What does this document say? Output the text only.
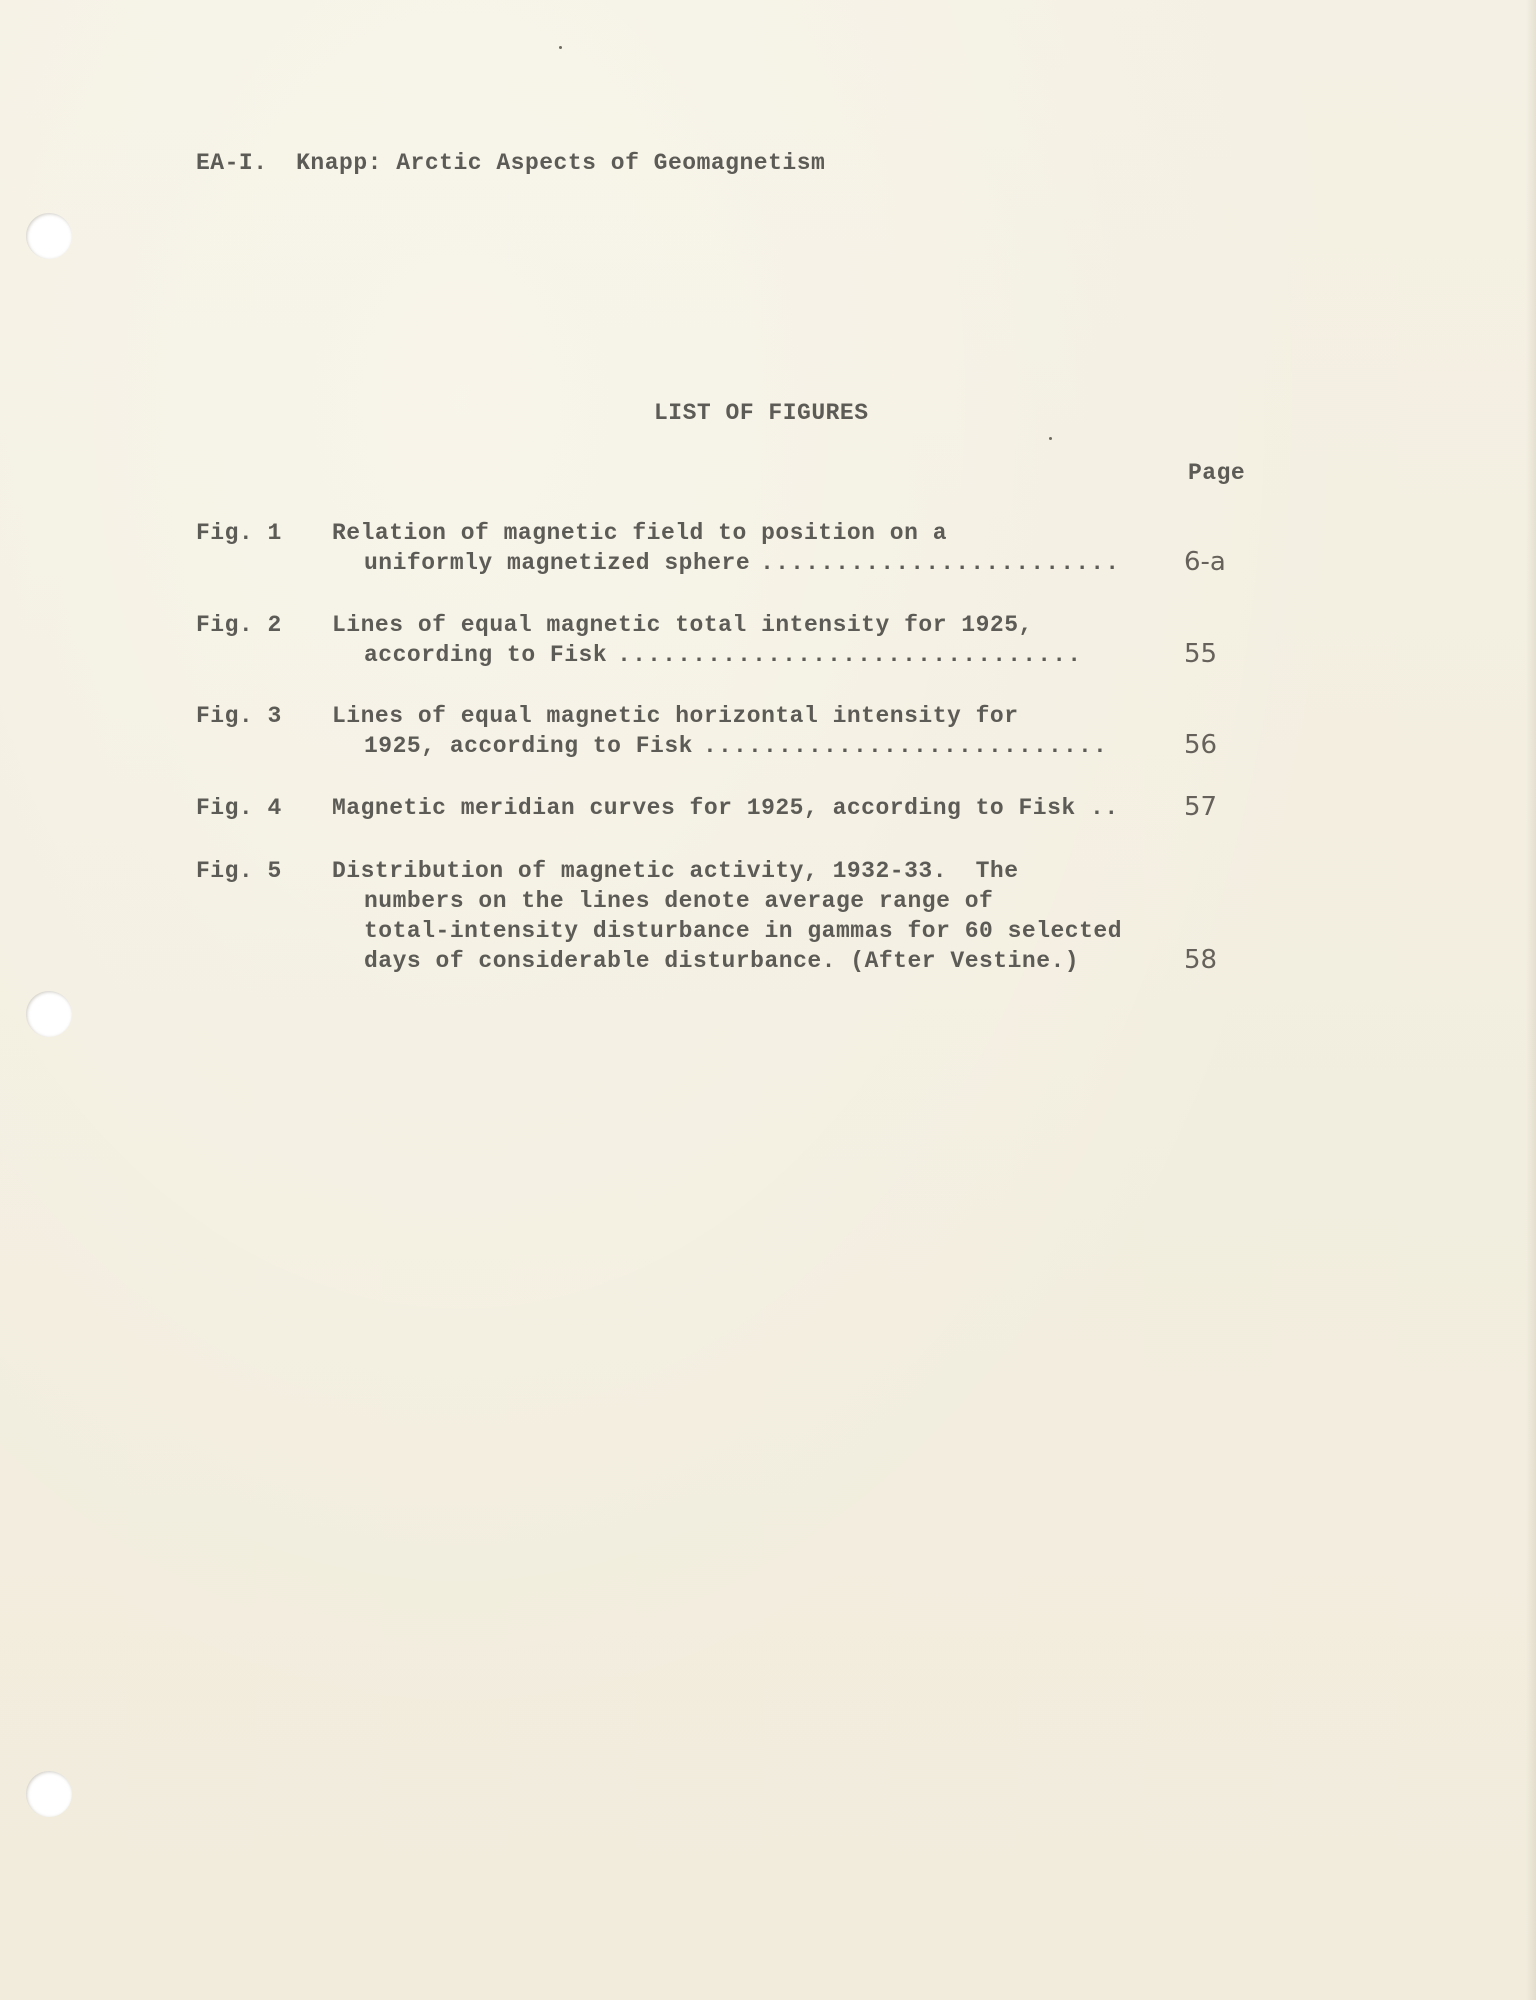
EA-I.  Knapp: Arctic Aspects of Geomagnetism
LIST OF FIGURES
Page
Fig. 1 Relation of magnetic field to position on a
uniformly magnetized sphere ........................ 6-a
Fig. 2 Lines of equal magnetic total intensity for 1925,
according to Fisk ...............................	55
Fig. 3 Lines of equal magnetic horizontal intensity for
1925, according to Fisk ...........................	56
Fig. 4 Magnetic meridian curves for 1925, according to Fisk ..	57
Fig. 5 Distribution of magnetic activity, 1932-33.  The
numbers on the lines denote average range of
total-intensity disturbance in gammas for 60 selected
days of considerable disturbance. (After Vestine.)	58
